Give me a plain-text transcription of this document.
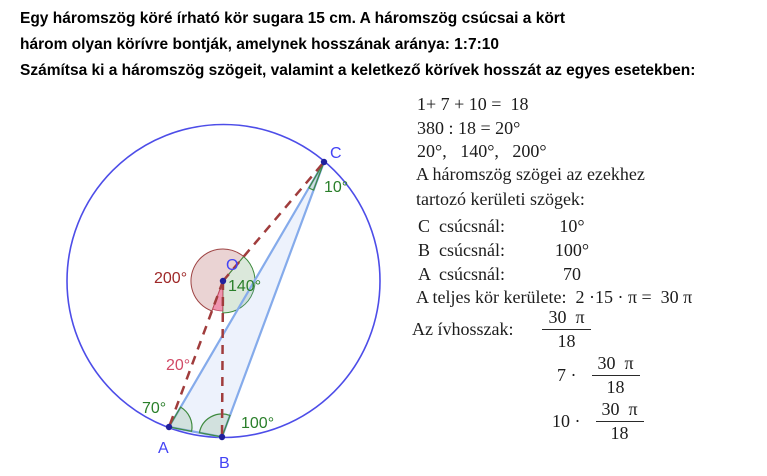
Egy háromszög köré írható kör sugara 15 cm. A háromszög csúcsai a kört
három olyan körívre bontják, amelynek hosszának aránya: 1:7:10
Számítsa ki a háromszög szögeit, valamint a keletkező körívek hosszát az egyes esetekben:
A
B
C
O
200°	140°
20°
70°
100°
10°
1+ 7 + 10 =  18
380 : 18 = 20°
20°,   140°,   200°
A háromszög szögei az ezekhez
tartozó kerületi szögek:
C  csúcsnál:	10°
B  csúcsnál:	100°
A  csúcsnál:	70
A teljes kör kerülete:  2 ·15 · π =  30 π
Az ívhosszak: $\frac{30 \pi}{18}$
$7 \cdot \frac{30 \pi}{18}$
$10 \cdot \frac{30 \pi}{18}$
